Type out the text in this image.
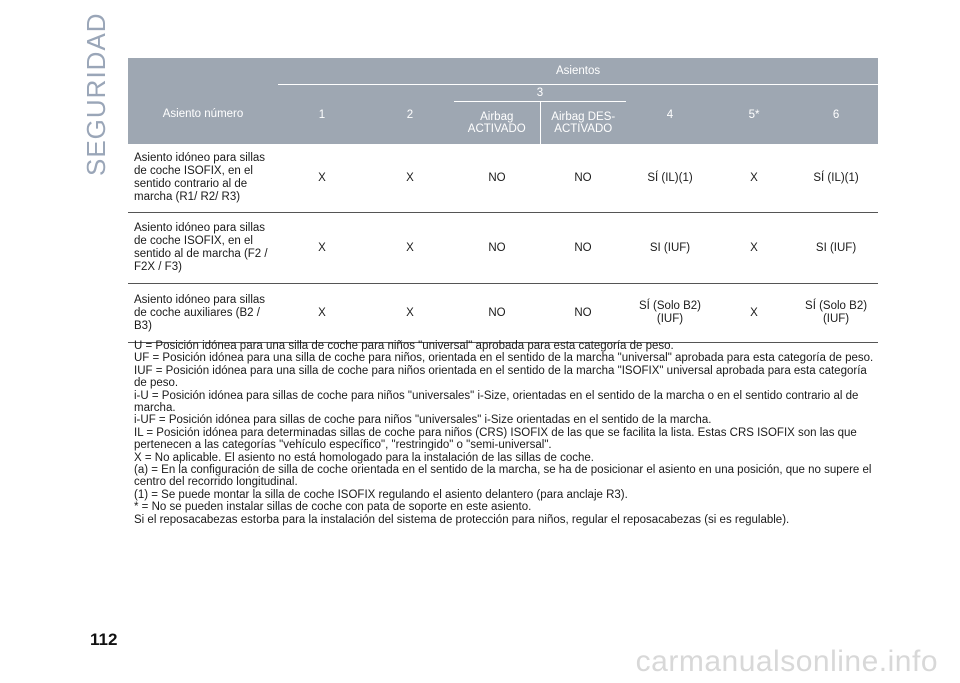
SEGURIDAD
		Asientos						
Asiento número	1	2	3		4	5*	6
			Airbag ACTIVADO	Airbag DES-ACTIVADO			
Asiento idóneo para sillas de coche ISOFIX, en el sentido contrario al de marcha (R1/ R2/ R3)	X	X	NO	NO	SÍ (IL)(1)	X	SÍ (IL)(1)
Asiento idóneo para sillas de coche ISOFIX, en el sentido al de marcha (F2 / F2X / F3)	X	X	NO	NO	SI (IUF)	X	SI (IUF)
Asiento idóneo para sillas de coche auxiliares (B2 / B3)	X	X	NO	NO	SÍ (Solo B2) (IUF)	X	SÍ (Solo B2) (IUF)

U = Posición idónea para una silla de coche para niños "universal" aprobada para esta categoría de peso.

UF = Posición idónea para una silla de coche para niños, orientada en el sentido de la marcha "universal" aprobada para esta categoría de peso.

IUF = Posición idónea para una silla de coche para niños orientada en el sentido de la marcha "ISOFIX" universal aprobada para esta categoría de peso.

i-U = Posición idónea para sillas de coche para niños "universales" i-Size, orientadas en el sentido de la marcha o en el sentido contrario al de marcha.

i-UF = Posición idónea para sillas de coche para niños "universales" i-Size orientadas en el sentido de la marcha.

IL = Posición idónea para determinadas sillas de coche para niños (CRS) ISOFIX de las que se facilita la lista. Estas CRS ISOFIX son las que pertenecen a las categorías "vehículo específico", "restringido" o "semi-universal".

X = No aplicable. El asiento no está homologado para la instalación de las sillas de coche.

(a) = En la configuración de silla de coche orientada en el sentido de la marcha, se ha de posicionar el asiento en una posición, que no supere el centro del recorrido longitudinal.

(1) = Se puede montar la silla de coche ISOFIX regulando el asiento delantero (para anclaje R3).

* = No se pueden instalar sillas de coche con pata de soporte en este asiento.

Si el reposacabezas estorba para la instalación del sistema de protección para niños, regular el reposacabezas (si es regulable).

112
carmanualsonline.info
